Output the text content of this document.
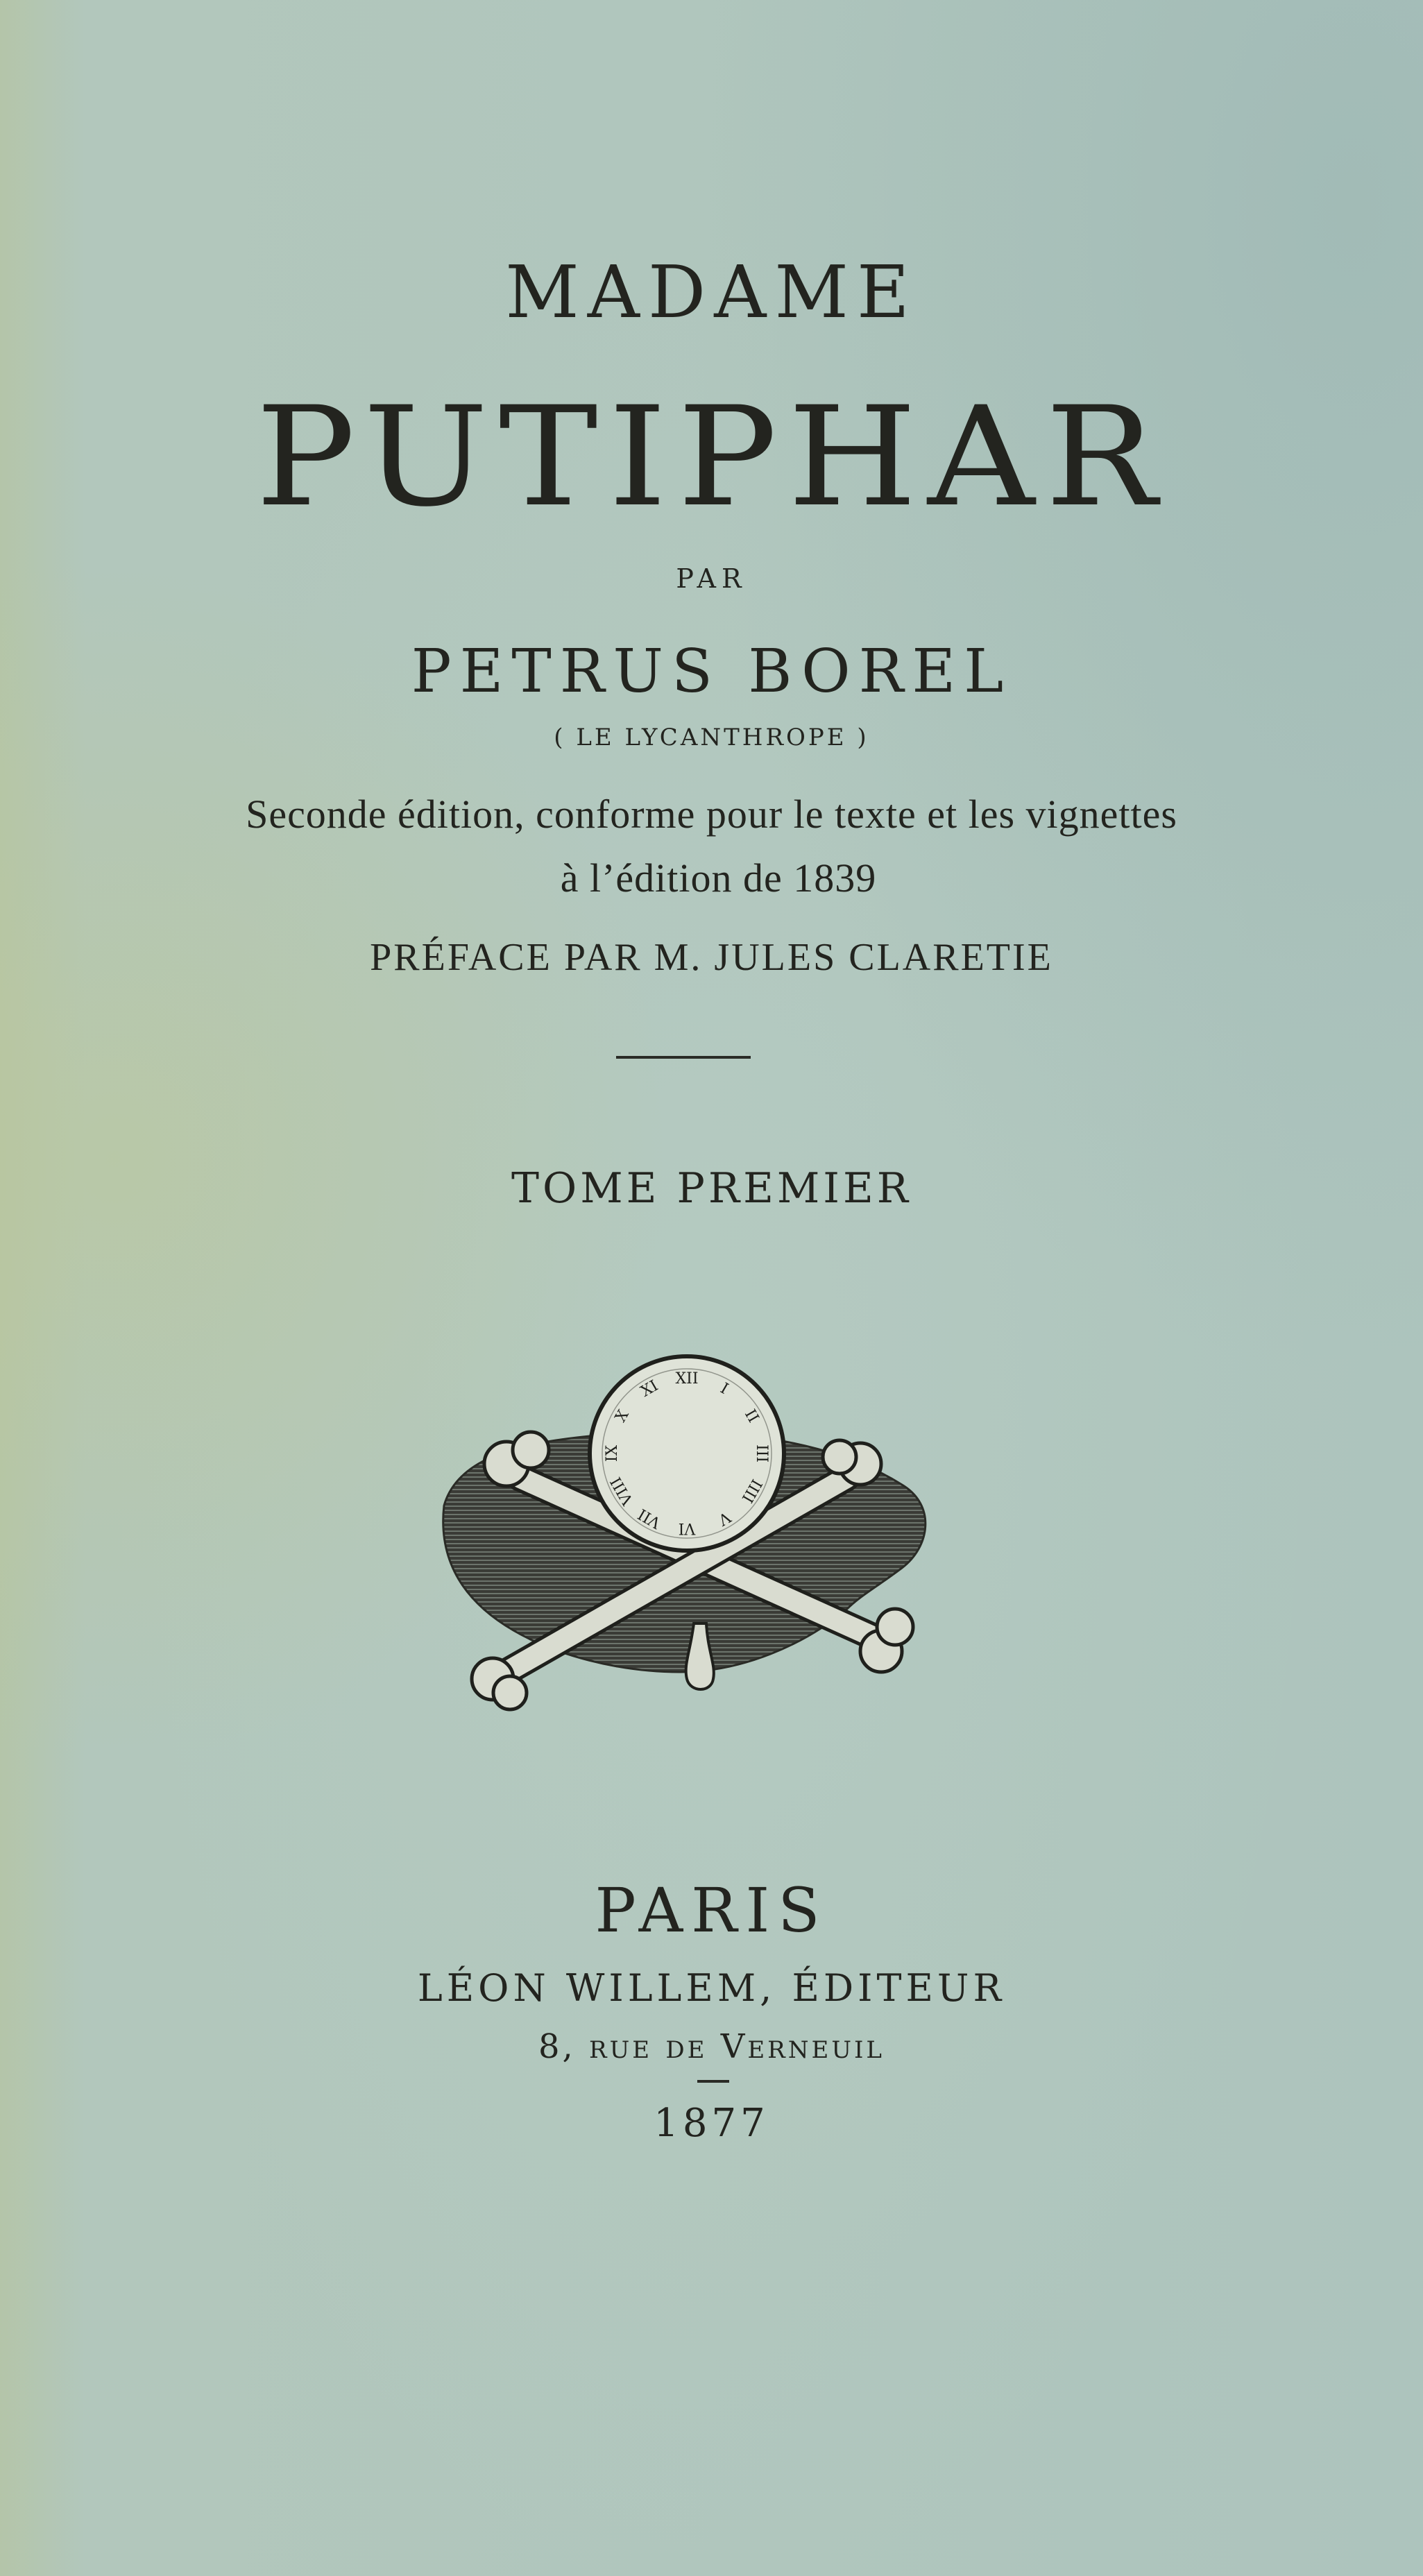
MADAME
PUTIPHAR

PAR

PETRUS BOREL

( LE LYCANTHROPE )

Seconde édition, conforme pour le texte et les vignettes

à l’édition de 1839

PRÉFACE PAR M. JULES CLARETIE

TOME PREMIER

XII
I
II
III
IIII
V
VI
VII
VIII
IX
X
XI

PARIS

LÉON WILLEM, ÉDITEUR

8, rue de Verneuil

1877
